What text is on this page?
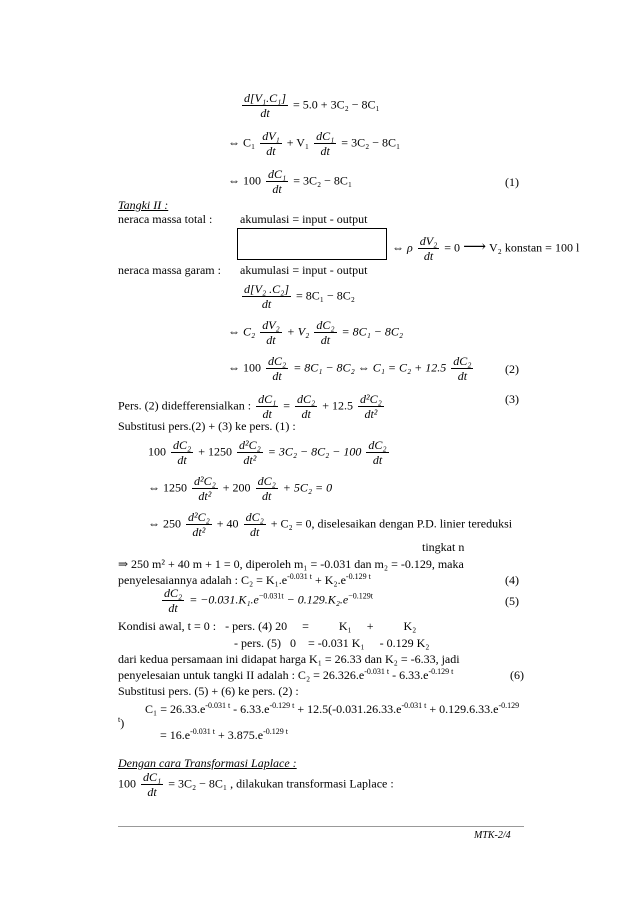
$\frac{\text{d[V₁.C₁]}}{dt} = 5.0 + 3C_2 - 8C_1$
⇔ $C_1 \frac{\text{dV₁}}{dt} + V_1 \frac{\text{dC₁}}{dt} = 3C_2 - 8C_1$
⇔ $100 \frac{\text{dC₁}}{dt} = 3C_2 - 8C_1$	(1)
Tangki II :
neraca massa total : akumulasi = input - output
⇔ ρ $\frac{\text{dV₂}}{dt} = 0$ ⟶ V₂ konstan = 100 l
neraca massa garam : akumulasi = input - output
$\frac{\text{d[V₂ .C₂]}}{dt} = 8C_1 - 8C_2$
⇔ $C_2 \frac{\text{dV₂}}{dt} + V_2 \frac{\text{dC₂}}{dt} = 8C_1 - 8C_2$
⇔ $100 \frac{\text{dC₂}}{dt} = 8C_1 - 8C_2$ ⇔ $C_1 = C_2 + 12.5 \frac{\text{dC₂}}{dt}$	(2)
Pers. (2) didefferensialkan : $\frac{\text{dC₁}}{dt} = \frac{\text{dC₂}}{dt} + 12.5 \frac{\text{d²C₂}}{\text{dt²}}$	(3)
Substitusi pers.(2) + (3) ke pers. (1) :
$100 \frac{\text{dC₂}}{dt} + 1250 \frac{\text{d²C₂}}{\text{dt²}} = 3C_2 - 8C_2 - 100 \frac{\text{dC₂}}{dt}$
⇔ $1250 \frac{\text{d²C₂}}{\text{dt²}} + 200 \frac{\text{dC₂}}{dt} + 5C_2 = 0$
⇔ $250 \frac{\text{d²C₂}}{\text{dt²}} + 40 \frac{\text{dC₂}}{dt} + C_2 = 0$, diselesaikan dengan P.D. linier tereduksi
tingkat n
⇒ 250 m² + 40 m + 1 = 0, diperoleh m₁ = -0.031 dan m₂ = -0.129, maka
penyelesaiannya adalah : $C_2 = K_1.e^{-0.031 t} + K_2.e^{-0.129 t}$	(4)
$\frac{\text{dC₂}}{dt} = -0.031.K_1.e^{-0.031t} - 0.129.K_2.e^{-0.129t}$	(5)
Kondisi awal, t = 0 :   - pers. (4) 20     =          K₁     +          K₂
- pers. (5)   0    = -0.031 K₁     - 0.129 K₂
dari kedua persamaan ini didapat harga K₁ = 26.33 dan K₂ = -6.33, jadi
penyelesaian untuk tangki II adalah : $C_2 = 26.326.e^{-0.031 t} - 6.33.e^{-0.129 t}$	(6)
Substitusi pers. (5) + (6) ke pers. (2) :
$C_1 = 26.33.e^{-0.031 t} - 6.33.e^{-0.129 t} + 12.5(-0.031.26.33.e^{-0.031 t} + 0.129.6.33.e^{-0.129}$
$^t$)
= $16.e^{-0.031 t} + 3.875.e^{-0.129 t}$
Dengan cara Transformasi Laplace :
$100 \frac{\text{dC₁}}{dt} = 3C_2 - 8C_1$ , dilakukan transformasi Laplace :
MTK-2/4
